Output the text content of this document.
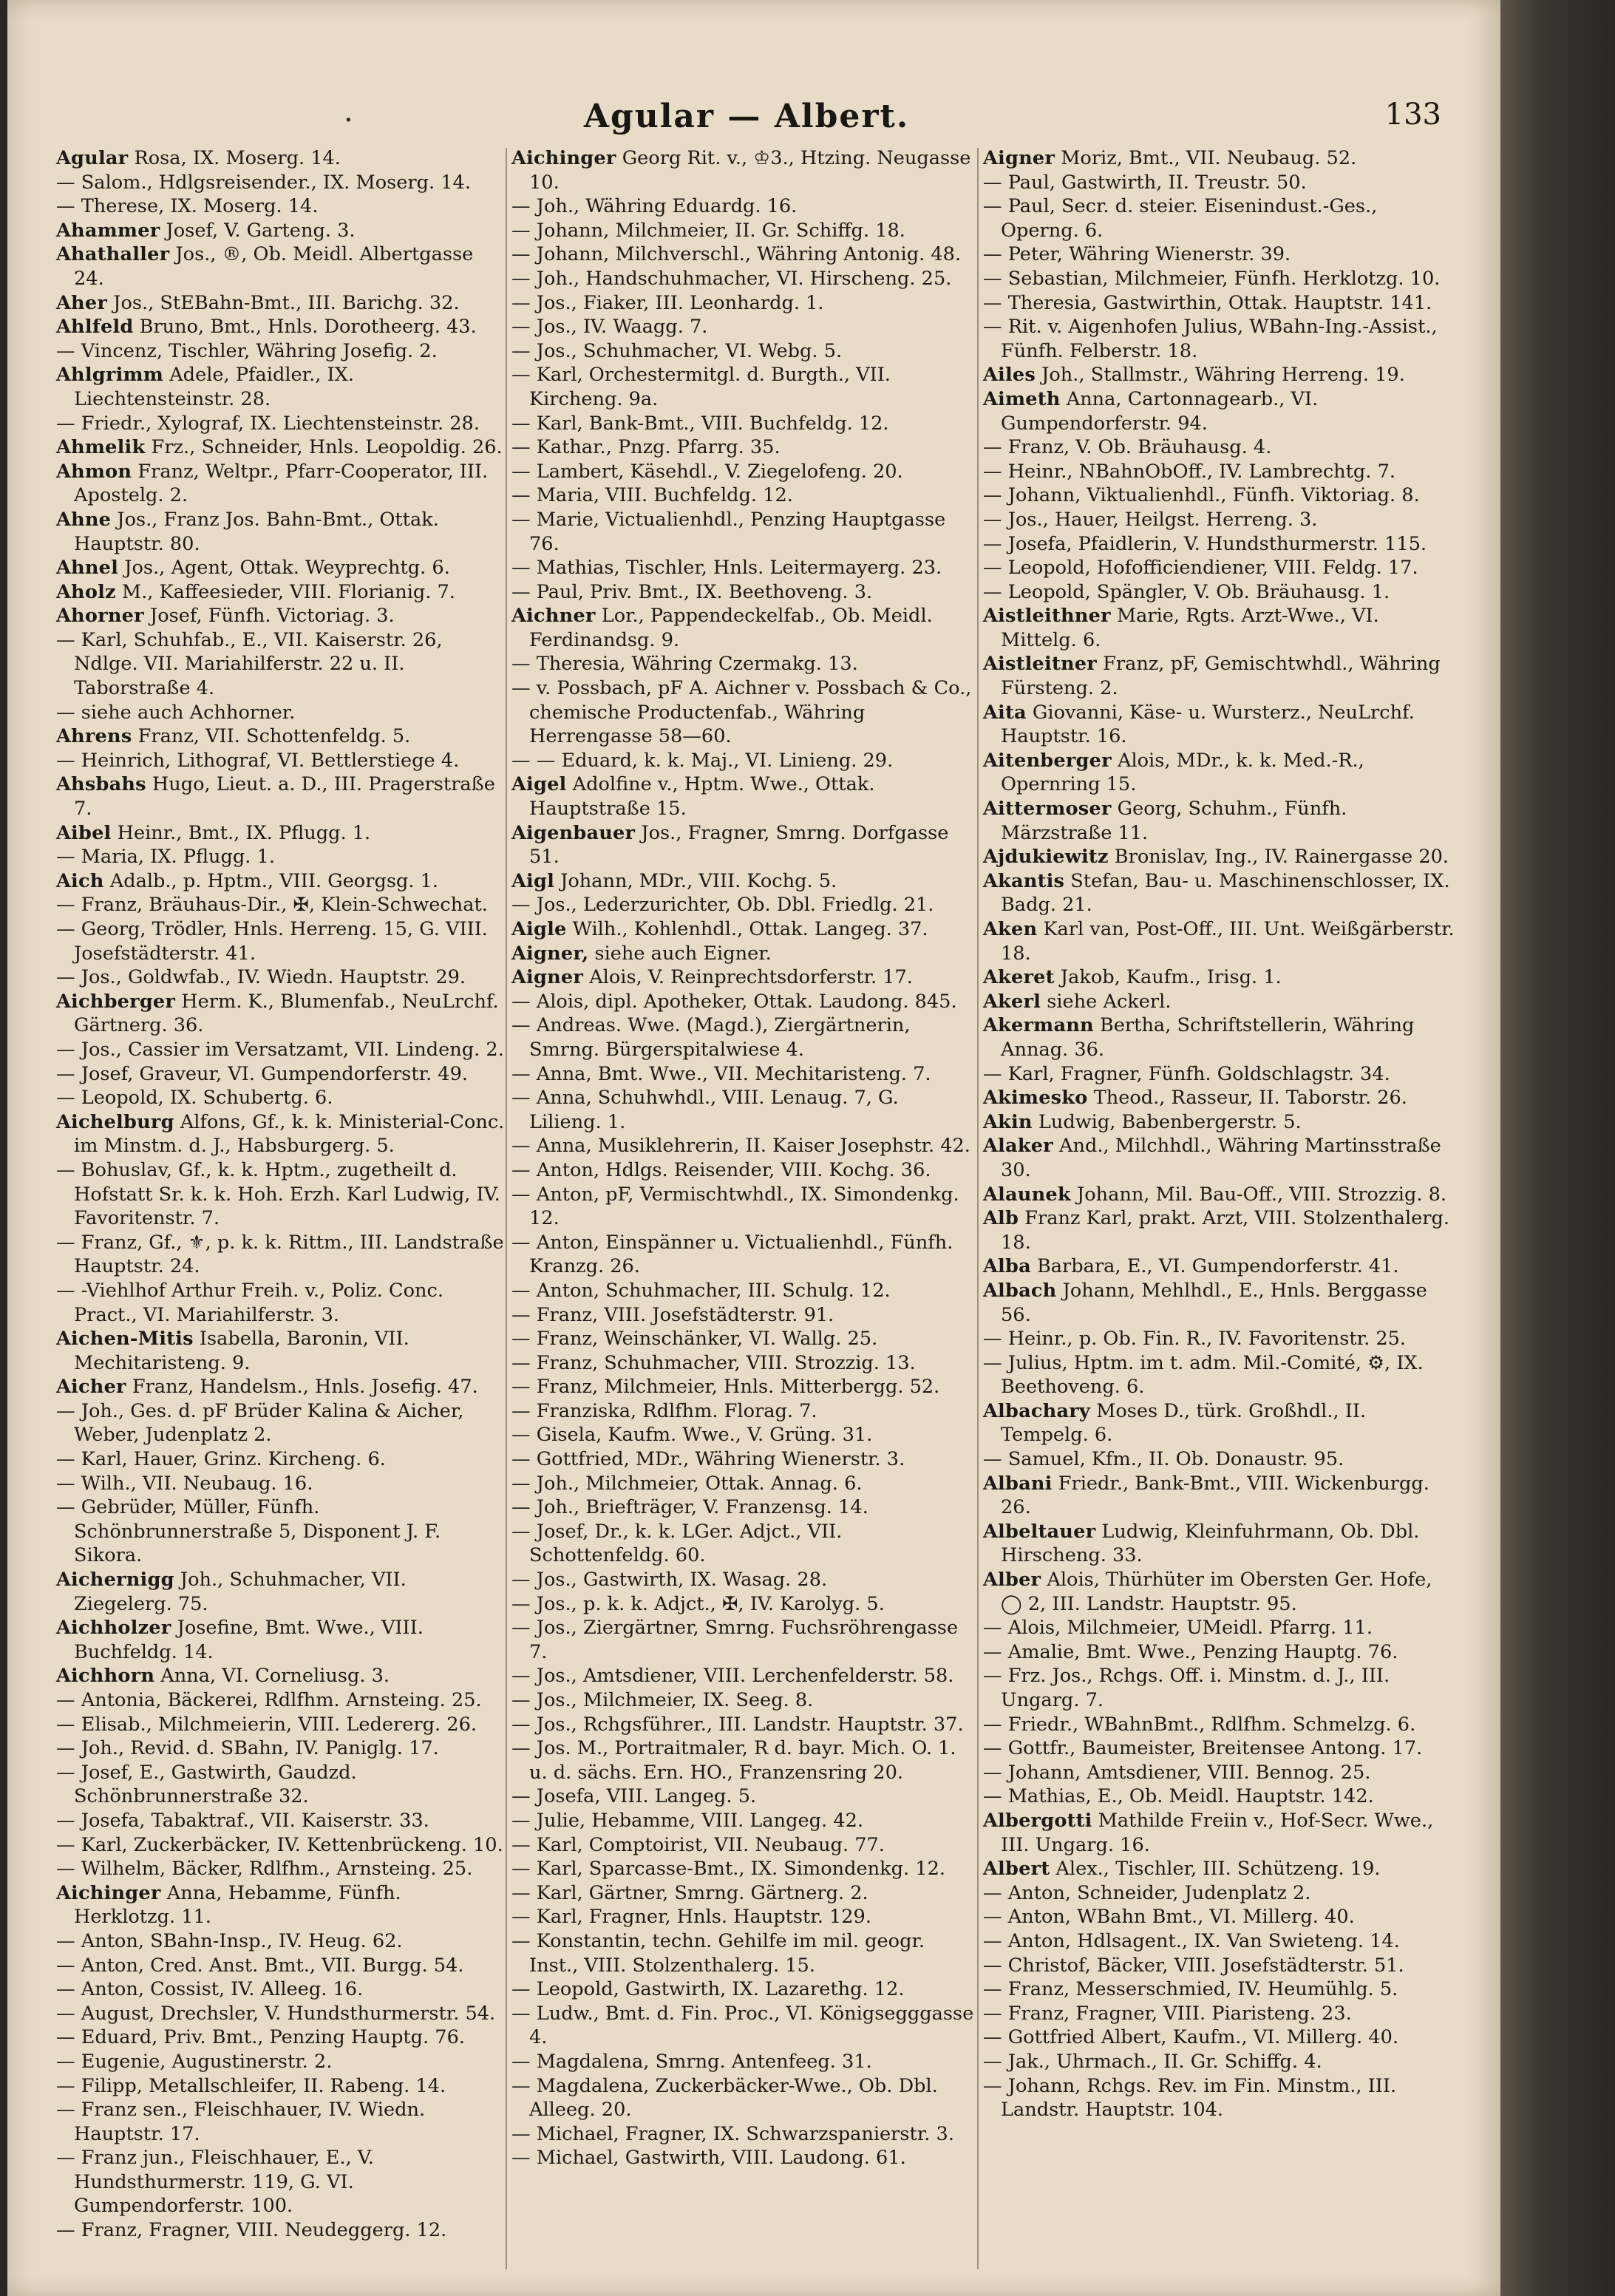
.	Agular — Albert.	133

Agular Rosa, IX. Moserg. 14.

— Salom., Hdlgsreisender., IX. Moserg. 14.

— Therese, IX. Moserg. 14.

Ahammer Josef, V. Garteng. 3.

Ahathaller Jos., ®, Ob. Meidl. Albertgasse 24.

Aher Jos., StEBahn-Bmt., III. Barichg. 32.

Ahlfeld Bruno, Bmt., Hnls. Dorotheerg. 43.

— Vincenz, Tischler, Währing Josefig. 2.

Ahlgrimm Adele, Pfaidler., IX. Liechtensteinstr. 28.

— Friedr., Xylograf, IX. Liechtensteinstr. 28.

Ahmelik Frz., Schneider, Hnls. Leopoldig. 26.

Ahmon Franz, Weltpr., Pfarr-Cooperator, III. Apostelg. 2.

Ahne Jos., Franz Jos. Bahn-Bmt., Ottak. Hauptstr. 80.

Ahnel Jos., Agent, Ottak. Weyprechtg. 6.

Aholz M., Kaffeesieder, VIII. Florianig. 7.

Ahorner Josef, Fünfh. Victoriag. 3.

— Karl, Schuhfab., E., VII. Kaiserstr. 26, Ndlge. VII. Mariahilferstr. 22 u. II. Taborstraße 4.

— siehe auch Achhorner.

Ahrens Franz, VII. Schottenfeldg. 5.

— Heinrich, Lithograf, VI. Bettlerstiege 4.

Ahsbahs Hugo, Lieut. a. D., III. Pragerstraße 7.

Aibel Heinr., Bmt., IX. Pflugg. 1.

— Maria, IX. Pflugg. 1.

Aich Adalb., p. Hptm., VIII. Georgsg. 1.

— Franz, Bräuhaus-Dir., ✠, Klein-Schwechat.

— Georg, Trödler, Hnls. Herreng. 15, G. VIII. Josefstädterstr. 41.

— Jos., Goldwfab., IV. Wiedn. Hauptstr. 29.

Aichberger Herm. K., Blumenfab., NeuLrchf. Gärtnerg. 36.

— Jos., Cassier im Versatzamt, VII. Lindeng. 2.

— Josef, Graveur, VI. Gumpendorferstr. 49.

— Leopold, IX. Schubertg. 6.

Aichelburg Alfons, Gf., k. k. Ministerial-Conc. im Minstm. d. J., Habsburgerg. 5.

— Bohuslav, Gf., k. k. Hptm., zugetheilt d. Hofstatt Sr. k. k. Hoh. Erzh. Karl Ludwig, IV. Favoritenstr. 7.

— Franz, Gf., ⚜, p. k. k. Rittm., III. Landstraße Hauptstr. 24.

— -Viehlhof Arthur Freih. v., Poliz. Conc. Pract., VI. Mariahilferstr. 3.

Aichen-Mitis Isabella, Baronin, VII. Mechitaristeng. 9.

Aicher Franz, Handelsm., Hnls. Josefig. 47.

— Joh., Ges. d. pF Brüder Kalina & Aicher, Weber, Judenplatz 2.

— Karl, Hauer, Grinz. Kircheng. 6.

— Wilh., VII. Neubaug. 16.

— Gebrüder, Müller, Fünfh. Schönbrunnerstraße 5, Disponent J. F. Sikora.

Aichernigg Joh., Schuhmacher, VII. Ziegelerg. 75.

Aichholzer Josefine, Bmt. Wwe., VIII. Buchfeldg. 14.

Aichhorn Anna, VI. Corneliusg. 3.

— Antonia, Bäckerei, Rdlfhm. Arnsteing. 25.

— Elisab., Milchmeierin, VIII. Ledererg. 26.

— Joh., Revid. d. SBahn, IV. Paniglg. 17.

— Josef, E., Gastwirth, Gaudzd. Schönbrunnerstraße 32.

— Josefa, Tabaktraf., VII. Kaiserstr. 33.

— Karl, Zuckerbäcker, IV. Kettenbrückeng. 10.

— Wilhelm, Bäcker, Rdlfhm., Arnsteing. 25.

Aichinger Anna, Hebamme, Fünfh. Herklotzg. 11.

— Anton, SBahn-Insp., IV. Heug. 62.

— Anton, Cred. Anst. Bmt., VII. Burgg. 54.

— Anton, Cossist, IV. Alleeg. 16.

— August, Drechsler, V. Hundsthurmerstr. 54.

— Eduard, Priv. Bmt., Penzing Hauptg. 76.

— Eugenie, Augustinerstr. 2.

— Filipp, Metallschleifer, II. Rabeng. 14.

— Franz sen., Fleischhauer, IV. Wiedn. Hauptstr. 17.

— Franz jun., Fleischhauer, E., V. Hundsthurmerstr. 119, G. VI. Gumpendorferstr. 100.

— Franz, Fragner, VIII. Neudeggerg. 12.

Aichinger Georg Rit. v., ♔3., Htzing. Neugasse 10.

— Joh., Währing Eduardg. 16.

— Johann, Milchmeier, II. Gr. Schiffg. 18.

— Johann, Milchverschl., Währing Antonig. 48.

— Joh., Handschuhmacher, VI. Hirscheng. 25.

— Jos., Fiaker, III. Leonhardg. 1.

— Jos., IV. Waagg. 7.

— Jos., Schuhmacher, VI. Webg. 5.

— Karl, Orchestermitgl. d. Burgth., VII. Kircheng. 9a.

— Karl, Bank-Bmt., VIII. Buchfeldg. 12.

— Kathar., Pnzg. Pfarrg. 35.

— Lambert, Käsehdl., V. Ziegelofeng. 20.

— Maria, VIII. Buchfeldg. 12.

— Marie, Victualienhdl., Penzing Hauptgasse 76.

— Mathias, Tischler, Hnls. Leitermayerg. 23.

— Paul, Priv. Bmt., IX. Beethoveng. 3.

Aichner Lor., Pappendeckelfab., Ob. Meidl. Ferdinandsg. 9.

— Theresia, Währing Czermakg. 13.

— v. Possbach, pF A. Aichner v. Possbach & Co., chemische Productenfab., Währing Herrengasse 58—60.

— — Eduard, k. k. Maj., VI. Linieng. 29.

Aigel Adolfine v., Hptm. Wwe., Ottak. Hauptstraße 15.

Aigenbauer Jos., Fragner, Smrng. Dorfgasse 51.

Aigl Johann, MDr., VIII. Kochg. 5.

— Jos., Lederzurichter, Ob. Dbl. Friedlg. 21.

Aigle Wilh., Kohlenhdl., Ottak. Langeg. 37.

Aigner, siehe auch Eigner.

Aigner Alois, V. Reinprechtsdorferstr. 17.

— Alois, dipl. Apotheker, Ottak. Laudong. 845.

— Andreas. Wwe. (Magd.), Ziergärtnerin, Smrng. Bürgerspitalwiese 4.

— Anna, Bmt. Wwe., VII. Mechitaristeng. 7.

— Anna, Schuhwhdl., VIII. Lenaug. 7, G. Lilieng. 1.

— Anna, Musiklehrerin, II. Kaiser Josephstr. 42.

— Anton, Hdlgs. Reisender, VIII. Kochg. 36.

— Anton, pF, Vermischtwhdl., IX. Simondenkg. 12.

— Anton, Einspänner u. Victualienhdl., Fünfh. Kranzg. 26.

— Anton, Schuhmacher, III. Schulg. 12.

— Franz, VIII. Josefstädterstr. 91.

— Franz, Weinschänker, VI. Wallg. 25.

— Franz, Schuhmacher, VIII. Strozzig. 13.

— Franz, Milchmeier, Hnls. Mitterbergg. 52.

— Franziska, Rdlfhm. Florag. 7.

— Gisela, Kaufm. Wwe., V. Grüng. 31.

— Gottfried, MDr., Währing Wienerstr. 3.

— Joh., Milchmeier, Ottak. Annag. 6.

— Joh., Briefträger, V. Franzensg. 14.

— Josef, Dr., k. k. LGer. Adjct., VII. Schottenfeldg. 60.

— Jos., Gastwirth, IX. Wasag. 28.

— Jos., p. k. k. Adjct., ✠, IV. Karolyg. 5.

— Jos., Ziergärtner, Smrng. Fuchsröhrengasse 7.

— Jos., Amtsdiener, VIII. Lerchenfelderstr. 58.

— Jos., Milchmeier, IX. Seeg. 8.

— Jos., Rchgsführer., III. Landstr. Hauptstr. 37.

— Jos. M., Portraitmaler, R d. bayr. Mich. O. 1. u. d. sächs. Ern. HO., Franzensring 20.

— Josefa, VIII. Langeg. 5.

— Julie, Hebamme, VIII. Langeg. 42.

— Karl, Comptoirist, VII. Neubaug. 77.

— Karl, Sparcasse-Bmt., IX. Simondenkg. 12.

— Karl, Gärtner, Smrng. Gärtnerg. 2.

— Karl, Fragner, Hnls. Hauptstr. 129.

— Konstantin, techn. Gehilfe im mil. geogr. Inst., VIII. Stolzenthalerg. 15.

— Leopold, Gastwirth, IX. Lazarethg. 12.

— Ludw., Bmt. d. Fin. Proc., VI. Königsegggasse 4.

— Magdalena, Smrng. Antenfeeg. 31.

— Magdalena, Zuckerbäcker-Wwe., Ob. Dbl. Alleeg. 20.

— Michael, Fragner, IX. Schwarzspanierstr. 3.

— Michael, Gastwirth, VIII. Laudong. 61.

Aigner Moriz, Bmt., VII. Neubaug. 52.

— Paul, Gastwirth, II. Treustr. 50.

— Paul, Secr. d. steier. Eisenindust.-Ges., Operng. 6.

— Peter, Währing Wienerstr. 39.

— Sebastian, Milchmeier, Fünfh. Herklotzg. 10.

— Theresia, Gastwirthin, Ottak. Hauptstr. 141.

— Rit. v. Aigenhofen Julius, WBahn-Ing.-Assist., Fünfh. Felberstr. 18.

Ailes Joh., Stallmstr., Währing Herreng. 19.

Aimeth Anna, Cartonnagearb., VI. Gumpendorferstr. 94.

— Franz, V. Ob. Bräuhausg. 4.

— Heinr., NBahnObOff., IV. Lambrechtg. 7.

— Johann, Viktualienhdl., Fünfh. Viktoriag. 8.

— Jos., Hauer, Heilgst. Herreng. 3.

— Josefa, Pfaidlerin, V. Hundsthurmerstr. 115.

— Leopold, Hofofficiendiener, VIII. Feldg. 17.

— Leopold, Spängler, V. Ob. Bräuhausg. 1.

Aistleithner Marie, Rgts. Arzt-Wwe., VI. Mittelg. 6.

Aistleitner Franz, pF, Gemischtwhdl., Währing Fürsteng. 2.

Aita Giovanni, Käse- u. Wursterz., NeuLrchf. Hauptstr. 16.

Aitenberger Alois, MDr., k. k. Med.-R., Opernring 15.

Aittermoser Georg, Schuhm., Fünfh. Märzstraße 11.

Ajdukiewitz Bronislav, Ing., IV. Rainergasse 20.

Akantis Stefan, Bau- u. Maschinenschlosser, IX. Badg. 21.

Aken Karl van, Post-Off., III. Unt. Weißgärberstr. 18.

Akeret Jakob, Kaufm., Irisg. 1.

Akerl siehe Ackerl.

Akermann Bertha, Schriftstellerin, Währing Annag. 36.

— Karl, Fragner, Fünfh. Goldschlagstr. 34.

Akimesko Theod., Rasseur, II. Taborstr. 26.

Akin Ludwig, Babenbergerstr. 5.

Alaker And., Milchhdl., Währing Martinsstraße 30.

Alaunek Johann, Mil. Bau-Off., VIII. Strozzig. 8.

Alb Franz Karl, prakt. Arzt, VIII. Stolzenthalerg. 18.

Alba Barbara, E., VI. Gumpendorferstr. 41.

Albach Johann, Mehlhdl., E., Hnls. Berggasse 56.

— Heinr., p. Ob. Fin. R., IV. Favoritenstr. 25.

— Julius, Hptm. im t. adm. Mil.-Comité, ⚙, IX. Beethoveng. 6.

Albachary Moses D., türk. Großhdl., II. Tempelg. 6.

— Samuel, Kfm., II. Ob. Donaustr. 95.

Albani Friedr., Bank-Bmt., VIII. Wickenburgg. 26.

Albeltauer Ludwig, Kleinfuhrmann, Ob. Dbl. Hirscheng. 33.

Alber Alois, Thürhüter im Obersten Ger. Hofe, ◯ 2, III. Landstr. Hauptstr. 95.

— Alois, Milchmeier, UMeidl. Pfarrg. 11.

— Amalie, Bmt. Wwe., Penzing Hauptg. 76.

— Frz. Jos., Rchgs. Off. i. Minstm. d. J., III. Ungarg. 7.

— Friedr., WBahnBmt., Rdlfhm. Schmelzg. 6.

— Gottfr., Baumeister, Breitensee Antong. 17.

— Johann, Amtsdiener, VIII. Bennog. 25.

— Mathias, E., Ob. Meidl. Hauptstr. 142.

Albergotti Mathilde Freiin v., Hof-Secr. Wwe., III. Ungarg. 16.

Albert Alex., Tischler, III. Schützeng. 19.

— Anton, Schneider, Judenplatz 2.

— Anton, WBahn Bmt., VI. Millerg. 40.

— Anton, Hdlsagent., IX. Van Swieteng. 14.

— Christof, Bäcker, VIII. Josefstädterstr. 51.

— Franz, Messerschmied, IV. Heumühlg. 5.

— Franz, Fragner, VIII. Piaristeng. 23.

— Gottfried Albert, Kaufm., VI. Millerg. 40.

— Jak., Uhrmach., II. Gr. Schiffg. 4.

— Johann, Rchgs. Rev. im Fin. Minstm., III. Landstr. Hauptstr. 104.
